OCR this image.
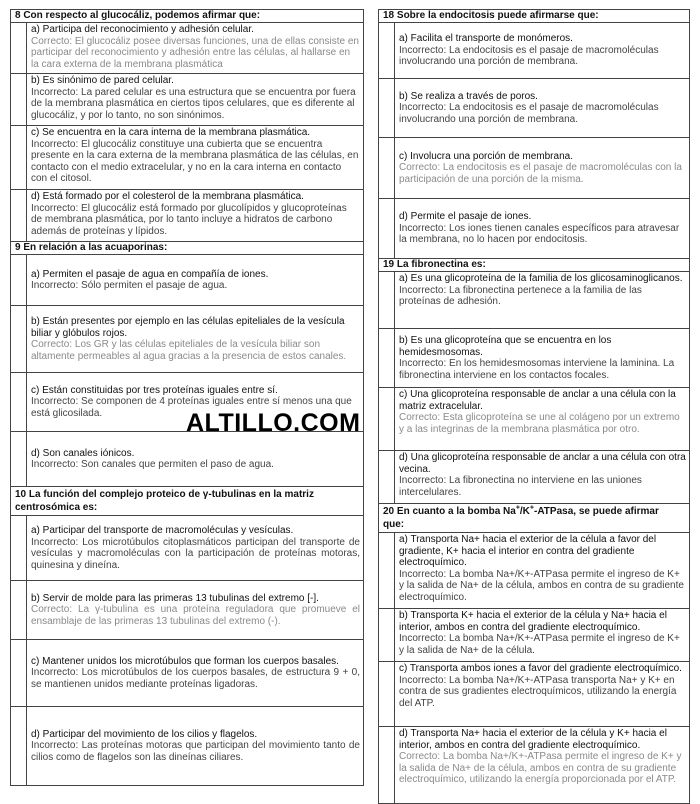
8 Con respecto al glucocáliz, podemos afirmar que:
a) Participa del reconocimiento y adhesión celular.
Correcto: El glucocáliz posee diversas funciones, una de ellas consiste en participar del reconocimiento y adhesión entre las células, al hallarse en la cara externa de la membrana plasmática
b) Es sinónimo de pared celular.
Incorrecto: La pared celular es una estructura que se encuentra por fuera de la membrana plasmática en ciertos tipos celulares, que es diferente al glucocáliz, y por lo tanto, no son sinónimos.
c) Se encuentra en la cara interna de la membrana plasmática.
Incorrecto: El glucocáliz constituye una cubierta que se encuentra presente en la cara externa de la membrana plasmática de las células, en contacto con el medio extracelular, y no en la cara interna en contacto con el citosol.
d) Está formado por el colesterol de la membrana plasmática.
Incorrecto: El glucocáliz está formado por glucolípidos y glucoproteínas de membrana plasmática, por lo tanto incluye a hidratos de carbono además de proteínas y lípidos.
9 En relación a las acuaporinas:
a) Permiten el pasaje de agua en compañía de iones.
Incorrecto: Sólo permiten el pasaje de agua.
b) Están presentes por ejemplo en las células epiteliales de la vesícula biliar y glóbulos rojos.
Correcto: Los GR y las células epiteliales de la vesícula biliar son altamente permeables al agua gracias a la presencia de estos canales.
c) Están constituidas por tres proteínas iguales entre sí.
Incorrecto: Se componen de 4 proteínas iguales entre sí menos una que está glicosilada.
d) Son canales iónicos.
Incorrecto: Son canales que permiten el paso de agua.
10 La función del complejo proteico de γ-tubulinas en la matriz
centrosómica es:
a) Participar del transporte de macromoléculas y vesículas.
Incorrecto: Los microtúbulos citoplasmáticos participan del transporte de vesículas y macromoléculas con la participación de proteínas motoras, quinesina y dineína.
b) Servir de molde para las primeras 13 tubulinas del extremo [-].
Correcto: La γ-tubulina es una proteína reguladora que promueve el ensamblaje de las primeras 13 tubulinas del extremo (-).
c) Mantener unidos los microtúbulos que forman los cuerpos basales.
Incorrecto: Los microtúbulos de los cuerpos basales, de estructura 9 + 0, se mantienen unidos mediante proteínas ligadoras.
d) Participar del movimiento de los cilios y flagelos.
Incorrecto: Las proteínas motoras que participan del movimiento tanto de cilios como de flagelos son las dineínas ciliares.
18 Sobre la endocitosis puede afirmarse que:
a) Facilita el transporte de monómeros.
Incorrecto: La endocitosis es el pasaje de macromoléculas involucrando una porción de membrana.
b) Se realiza a través de poros.
Incorrecto: La endocitosis es el pasaje de macromoléculas involucrando una porción de membrana.
c) Involucra una porción de membrana.
Correcto: La endocitosis es el pasaje de macromoléculas con la participación de una porción de la misma.
d) Permite el pasaje de iones.
Incorrecto: Los iones tienen canales específicos para atravesar la membrana, no lo hacen por endocitosis.
19 La fibronectina es:
a) Es una glicoproteína de la familia de los glicosaminoglicanos.
Incorrecto: La fibronectina pertenece a la familia de las proteínas de adhesión.
b) Es una glicoproteína que se encuentra en los hemidesmosomas.
Incorrecto: En los hemidesmosomas interviene la laminina. La fibronectina interviene en los contactos focales.
c) Una glicoproteína responsable de anclar a una célula con la matriz extracelular.
Correcto: Esta glicoproteína se une al colágeno por un extremo y a las integrinas de la membrana plasmática por otro.
d) Una glicoproteína responsable de anclar a una célula con otra vecina.
Incorrecto: La fibronectina no interviene en las uniones intercelulares.
20 En cuanto a la bomba Na+/K+-ATPasa, se puede afirmar
que:
a) Transporta Na+ hacia el exterior de la célula a favor del gradiente, K+ hacia el interior en contra del gradiente electroquímico.
Incorrecto: La bomba Na+/K+-ATPasa permite el ingreso de K+ y la salida de Na+ de la célula, ambos en contra de su gradiente electroquímico.
b) Transporta K+ hacia el exterior de la célula y Na+ hacia el interior, ambos en contra del gradiente electroquímico.
Incorrecto: La bomba Na+/K+-ATPasa permite el ingreso de K+ y la salida de Na+ de la célula.
c) Transporta ambos iones a favor del gradiente electroquímico.
Incorrecto: La bomba Na+/K+-ATPasa transporta Na+ y K+ en contra de sus gradientes electroquímicos, utilizando la energía del ATP.
d) Transporta Na+ hacia el exterior de la célula y K+ hacia el interior, ambos en contra del gradiente electroquímico.
Correcto: La bomba Na+/K+-ATPasa permite el ingreso de K+ y la salida de Na+ de la célula, ambos en contra de su gradiente electroquímico, utilizando la energía proporcionada por el ATP.
ALTILLO.COM
